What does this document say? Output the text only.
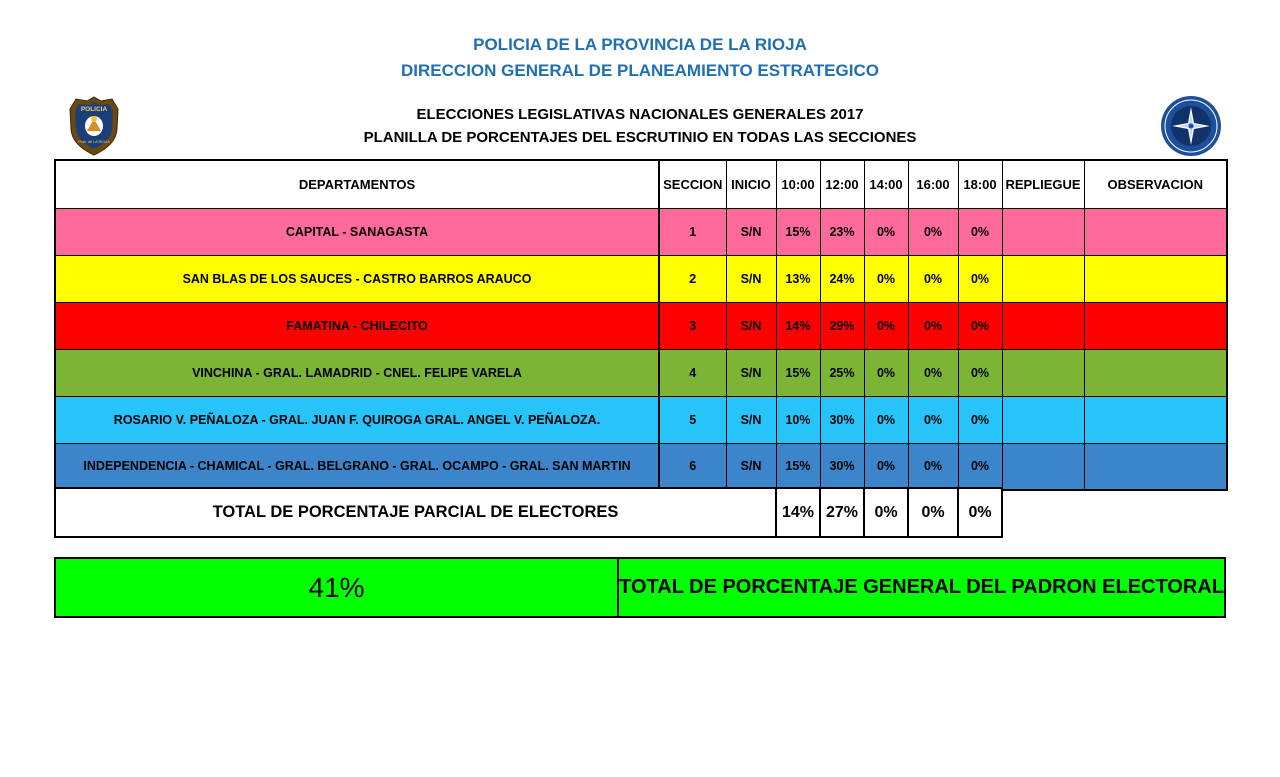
POLICIA DE LA PROVINCIA DE LA RIOJA
DIRECCION GENERAL DE PLANEAMIENTO ESTRATEGICO
ELECCIONES LEGISLATIVAS NACIONALES GENERALES 2017
PLANILLA DE PORCENTAJES DEL ESCRUTINIO EN TODAS LAS SECCIONES
POLICIA
Pcia. de LA RIOJA
DEPARTAMENTOS	SECCION	INICIO	10:00	12:00	14:00	16:00	18:00	REPLIEGUE	OBSERVACION
CAPITAL - SANAGASTA	1	S/N	15%	23%	0%	0%	0%		
SAN BLAS DE LOS SAUCES - CASTRO BARROS ARAUCO	2	S/N	13%	24%	0%	0%	0%		
FAMATINA - CHILECITO	3	S/N	14%	29%	0%	0%	0%		
VINCHINA - GRAL. LAMADRID - CNEL. FELIPE VARELA	4	S/N	15%	25%	0%	0%	0%		
ROSARIO V. PEÑALOZA - GRAL. JUAN F. QUIROGA GRAL. ANGEL V. PEÑALOZA.	5	S/N	10%	30%	0%	0%	0%		
INDEPENDENCIA - CHAMICAL - GRAL. BELGRANO - GRAL. OCAMPO - GRAL. SAN MARTIN	6	S/N	15%	30%	0%	0%	0%		
TOTAL DE PORCENTAJE PARCIAL DE ELECTORES	14%	27%	0%	0%	0%
41%	TOTAL DE PORCENTAJE GENERAL DEL PADRON ELECTORAL
